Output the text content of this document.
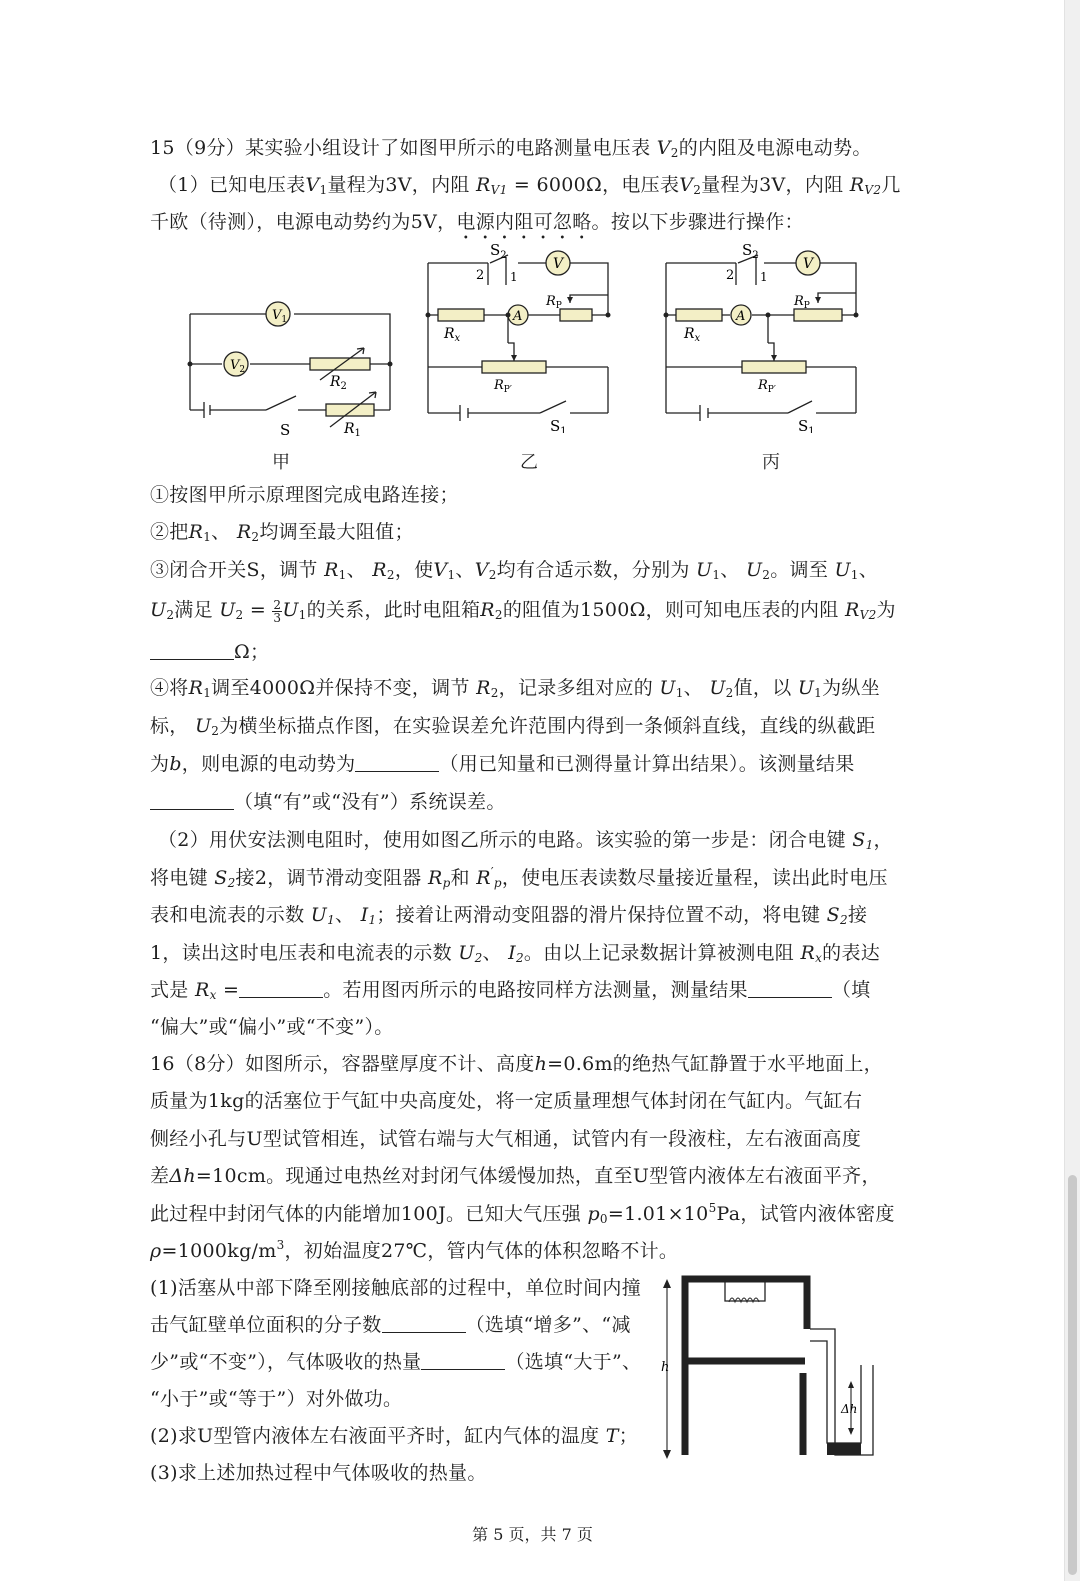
15（9分）某实验小组设计了如图甲所示的电路测量电压表 $V_2$的内阻及电源电动势。
（1）已知电压表$V_1$量程为3V，内阻 $R_{V1} = 6000\Omega$，电压表$V_2$量程为3V，内阻 $R_{V2}$几
千欧（待测），电源电动势约为5V，电源内阻可忽略。按以下步骤进行操作：
$V_1$
$V_2$
$R_2$
$R_1$
S
甲
$S_2$
2 1
V
A
$R_x$
$R_P$
$R_{P'}$
$S_1$
乙
$S_2$
2 1
V
A
$R_x$
$R_P$
$R_{P'}$
$S_1$
丙
①按图甲所示原理图完成电路连接；
②把$R_1$、 $R_2$均调至最大阻值；
③闭合开关S，调节 $R_1$、 $R_2$，使$V_1$、$V_2$均有合适示数，分别为 $U_1$、 $U_2$。调至 $U_1$、
$U_2$满足 $U_2 = \frac{2}{3} U_1$的关系，此时电阻箱$R_2$的阻值为1500Ω，则可知电压表的内阻 $R_{V2}$为
Ω；
④将$R_1$调至4000Ω并保持不变，调节 $R_2$，记录多组对应的 $U_1$、 $U_2$值，以 $U_1$为纵坐
标， $U_2$为横坐标描点作图，在实验误差允许范围内得到一条倾斜直线，直线的纵截距
为b，则电源的电动势为	（用已知量和已测得量计算出结果）。该测量结果
（填“有”或“没有”）系统误差。
（2）用伏安法测电阻时，使用如图乙所示的电路。该实验的第一步是：闭合电键 $S_1$，
将电键 $S_2$接2，调节滑动变阻器 $R_p$和 $R'_p$，使电压表读数尽量接近量程，读出此时电压
表和电流表的示数 $U_1$、 $I_1$；接着让两滑动变阻器的滑片保持位置不动，将电键 $S_2$接
1，读出这时电压表和电流表的示数 $U_2$、 $I_2$。由以上记录数据计算被测电阻 $R_x$的表达
式是 $R_x$ =	。若用图丙所示的电路按同样方法测量，测量结果	（填
“偏大”或“偏小”或“不变”）。
16（8分）如图所示，容器壁厚度不计、高度h=0.6m的绝热气缸静置于水平地面上，
质量为1kg的活塞位于气缸中央高度处，将一定质量理想气体封闭在气缸内。气缸右
侧经小孔与U型试管相连，试管右端与大气相通，试管内有一段液柱，左右液面高度
差Δh=10cm。现通过电热丝对封闭气体缓慢加热，直至U型管内液体左右液面平齐，
此过程中封闭气体的内能增加100J。已知大气压强 $p_0=1.01\times 10^5Pa$，试管内液体密度
$\rho=1000kg/m^3$，初始温度27℃，管内气体的体积忽略不计。
(1)活塞从中部下降至刚接触底部的过程中，单位时间内撞
击气缸壁单位面积的分子数	（选填“增多”、“减
少”或“不变”），气体吸收的热量	（选填“大于”、
“小于”或“等于”）对外做功。
(2)求U型管内液体左右液面平齐时，缸内气体的温度 T；
(3)求上述加热过程中气体吸收的热量。
h
Δh
第 5 页，共 7 页
